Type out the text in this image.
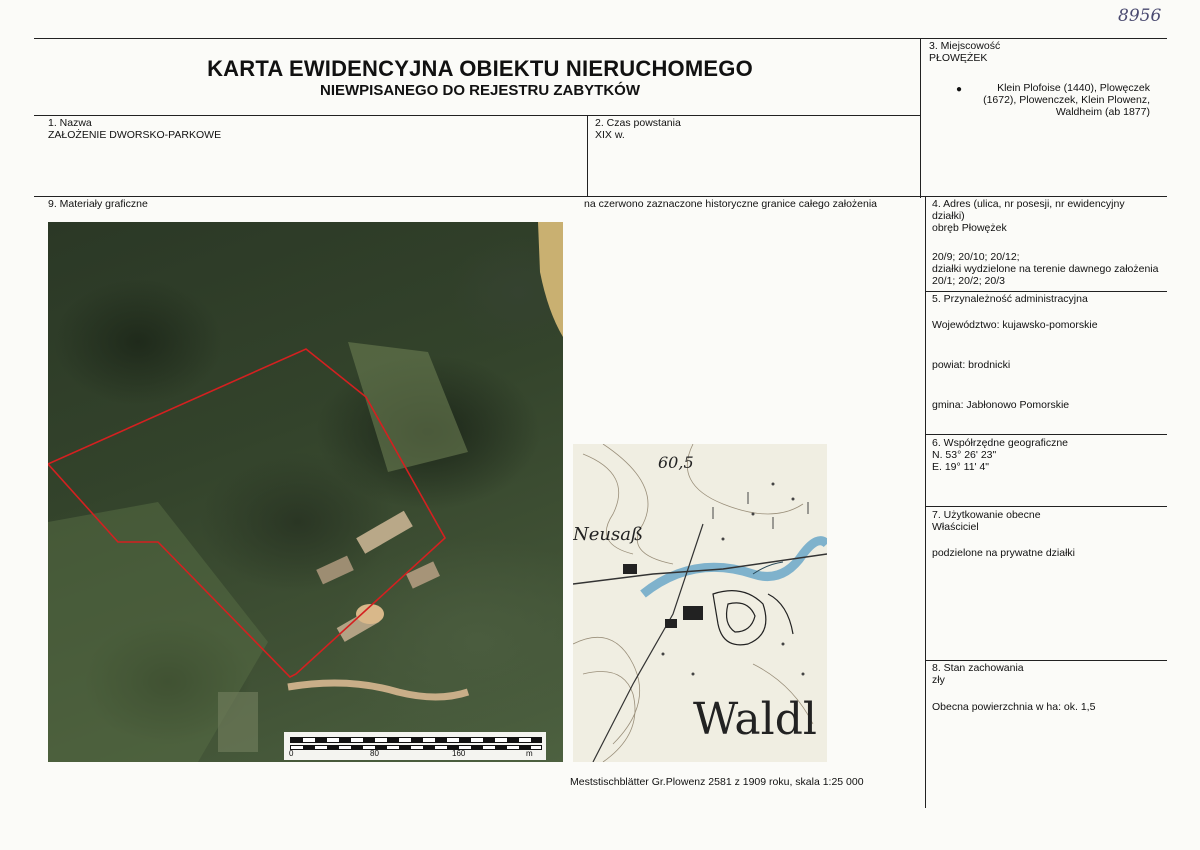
8956
KARTA EWIDENCYJNA OBIEKTU NIERUCHOMEGO
NIEWPISANEGO DO REJESTRU ZABYTKÓW
1. Nazwa
ZAŁOŻENIE DWORSKO-PARKOWE
2. Czas powstania
XIX w.
3. Miejscowość
PŁOWĘŻEK
●	Klein Plofoise (1440), Plowęczek (1672), Plowenczek, Klein Plowenz, Waldheim (ab 1877)
9. Materiały graficzne	na czerwono zaznaczone historyczne granice całego założenia
0	80	160	m
60,5
Neusaß
Waldl
Meststischblätter Gr.Plowenz 2581 z 1909 roku, skala 1:25 000
4. Adres (ulica, nr posesji, nr ewidencyjny działki)
obręb Płowężek
20/9; 20/10; 20/12;
działki wydzielone na terenie dawnego założenia 20/1; 20/2; 20/3
5. Przynależność administracyjna
Województwo: kujawsko-pomorskie
powiat: brodnicki
gmina: Jabłonowo Pomorskie
6. Współrzędne geograficzne
N. 53° 26' 23"
E. 19° 11' 4"
7. Użytkowanie obecne
Właściciel
podzielone na prywatne działki
8. Stan zachowania
zły
Obecna powierzchnia w ha: ok. 1,5
